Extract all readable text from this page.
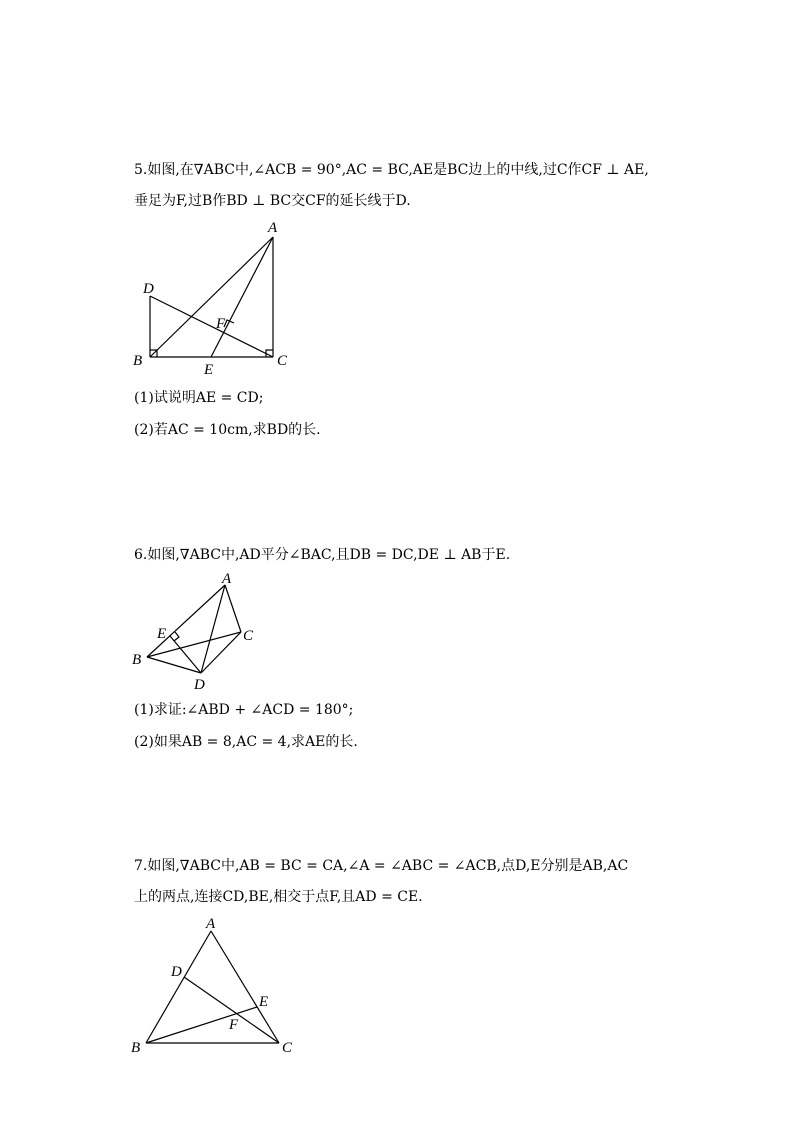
5.如图,在∇ABC中,∠ACB = 90°,AC = BC,AE是BC边上的中线,过C作CF ⊥ AE,
垂足为F,过B作BD ⊥ BC交CF的延长线于D.
A
D
F
B
E
C
(1)试说明AE = CD;
(2)若AC = 10cm,求BD的长.
6.如图,∇ABC中,AD平分∠BAC,且DB = DC,DE ⊥ AB于E.
A
E	C
B
D
(1)求证:∠ABD + ∠ACD = 180°;
(2)如果AB = 8,AC = 4,求AE的长.
7.如图,∇ABC中,AB = BC = CA,∠A = ∠ABC = ∠ACB,点D,E分别是AB,AC
上的两点,连接CD,BE,相交于点F,且AD = CE.
A
D
E
F
B	C
